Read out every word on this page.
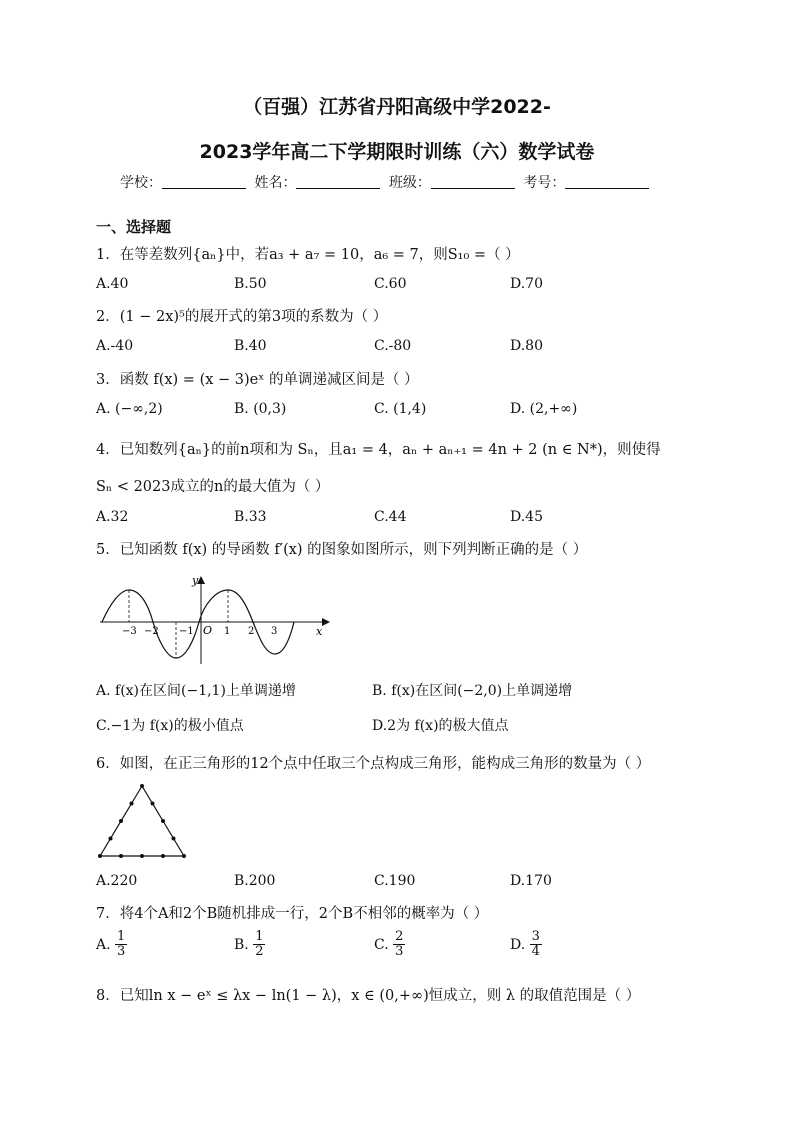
（百强）江苏省丹阳高级中学2022-
2023学年高二下学期限时训练（六）数学试卷
学校：	姓名：	班级：	考号：
一、选择题
1．在等差数列{aₙ}中，若a₃ + a₇ = 10，a₆ = 7，则S₁₀ =（ ）
A.40	B.50	C.60	D.70
2．(1 − 2x)⁵的展开式的第3项的系数为（ ）
A.-40	B.40	C.-80	D.80
3．函数 f(x) = (x − 3)eˣ 的单调递减区间是（ ）
A. (−∞,2)	B. (0,3)	C. (1,4)	D. (2,+∞)
4．已知数列{aₙ}的前n项和为 Sₙ，且a₁ = 4，aₙ + aₙ₊₁ = 4n + 2 (n ∈ N*)，则使得
Sₙ < 2023成立的n的最大值为（ ）
A.32	B.33	C.44	D.45
5．已知函数 f(x) 的导函数 f′(x) 的图象如图所示，则下列判断正确的是（ ）
y
x
O
−3 −2 −1	1 2 3
A. f(x)在区间(−1,1)上单调递增	B. f(x)在区间(−2,0)上单调递增
C.−1为 f(x)的极小值点	D.2为 f(x)的极大值点
6．如图，在正三角形的12个点中任取三个点构成三角形，能构成三角形的数量为（ ）
A.220	B.200	C.190	D.170
7．将4个A和2个B随机排成一行，2个B不相邻的概率为（ ）
A. $\frac{1}{3}$	B. $\frac{1}{2}$	C. $\frac{2}{3}$	D. $\frac{3}{4}$
8．已知ln x − eˣ ≤ λx − ln(1 − λ)，x ∈ (0,+∞)恒成立，则 λ 的取值范围是（ ）
